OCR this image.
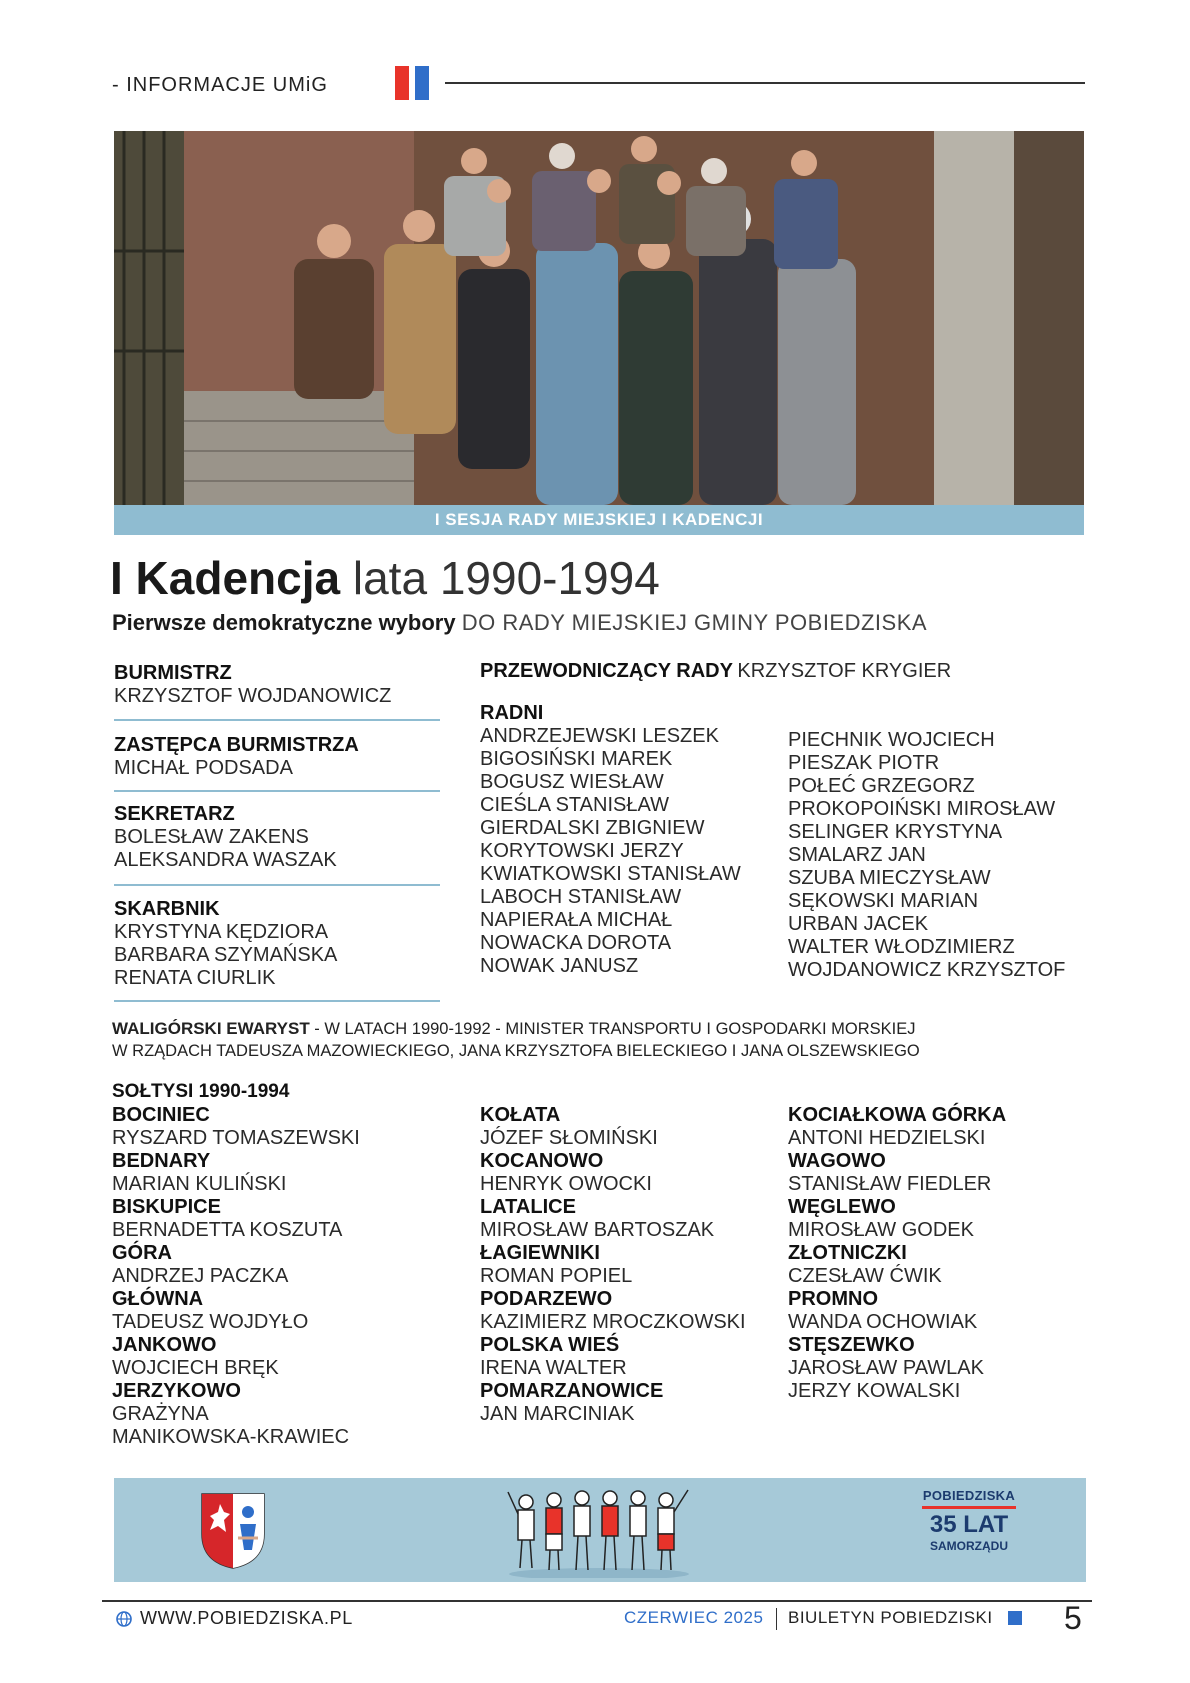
- INFORMACJE UMiG
I SESJA RADY MIEJSKIEJ I KADENCJI
I Kadencja lata 1990-1994
Pierwsze demokratyczne wybory DO RADY MIEJSKIEJ GMINY POBIEDZISKA
BURMISTRZ
KRZYSZTOF WOJDANOWICZ
ZASTĘPCA BURMISTRZA
MICHAŁ PODSADA
SEKRETARZ
BOLESŁAW ZAKENS
ALEKSANDRA WASZAK
SKARBNIK
KRYSTYNA KĘDZIORA
BARBARA SZYMAŃSKA
RENATA CIURLIK
PRZEWODNICZĄCY RADY KRZYSZTOF KRYGIER
RADNI
ANDRZEJEWSKI LESZEK
BIGOSIŃSKI MAREK
BOGUSZ WIESŁAW
CIEŚLA STANISŁAW
GIERDALSKI ZBIGNIEW
KORYTOWSKI JERZY
KWIATKOWSKI STANISŁAW
LABOCH STANISŁAW
NAPIERAŁA MICHAŁ
NOWACKA DOROTA
NOWAK JANUSZ
PIECHNIK WOJCIECH
PIESZAK PIOTR
POŁEĆ GRZEGORZ
PROKOPOIŃSKI MIROSŁAW
SELINGER KRYSTYNA
SMALARZ JAN
SZUBA MIECZYSŁAW
SĘKOWSKI MARIAN
URBAN JACEK
WALTER WŁODZIMIERZ
WOJDANOWICZ KRZYSZTOF
WALIGÓRSKI EWARYST - W LATACH 1990-1992 - MINISTER TRANSPORTU I GOSPODARKI MORSKIEJ
W RZĄDACH TADEUSZA MAZOWIECKIEGO, JANA KRZYSZTOFA BIELECKIEGO I JANA OLSZEWSKIEGO
SOŁTYSI 1990-1994
BOCINIEC
RYSZARD TOMASZEWSKI
BEDNARY
MARIAN KULIŃSKI
BISKUPICE
BERNADETTA KOSZUTA
GÓRA
ANDRZEJ PACZKA
GŁÓWNA
TADEUSZ WOJDYŁO
JANKOWO
WOJCIECH BRĘK
JERZYKOWO
GRAŻYNA
MANIKOWSKA-KRAWIEC
KOŁATA
JÓZEF SŁOMIŃSKI
KOCANOWO
HENRYK OWOCKI
LATALICE
MIROSŁAW BARTOSZAK
ŁAGIEWNIKI
ROMAN POPIEL
PODARZEWO
KAZIMIERZ MROCZKOWSKI
POLSKA WIEŚ
IRENA WALTER
POMARZANOWICE
JAN MARCINIAK
KOCIAŁKOWA GÓRKA
ANTONI HEDZIELSKI
WAGOWO
STANISŁAW FIEDLER
WĘGLEWO
MIROSŁAW GODEK
ZŁOTNICZKI
CZESŁAW ĆWIK
PROMNO
WANDA OCHOWIAK
STĘSZEWKO
JAROSŁAW PAWLAK
JERZY KOWALSKI
POBIEDZISKA
35 LAT
SAMORZĄDU
WWW.POBIEDZISKA.PL	CZERWIEC 2025 BIULETYN POBIEDZISKI 5
